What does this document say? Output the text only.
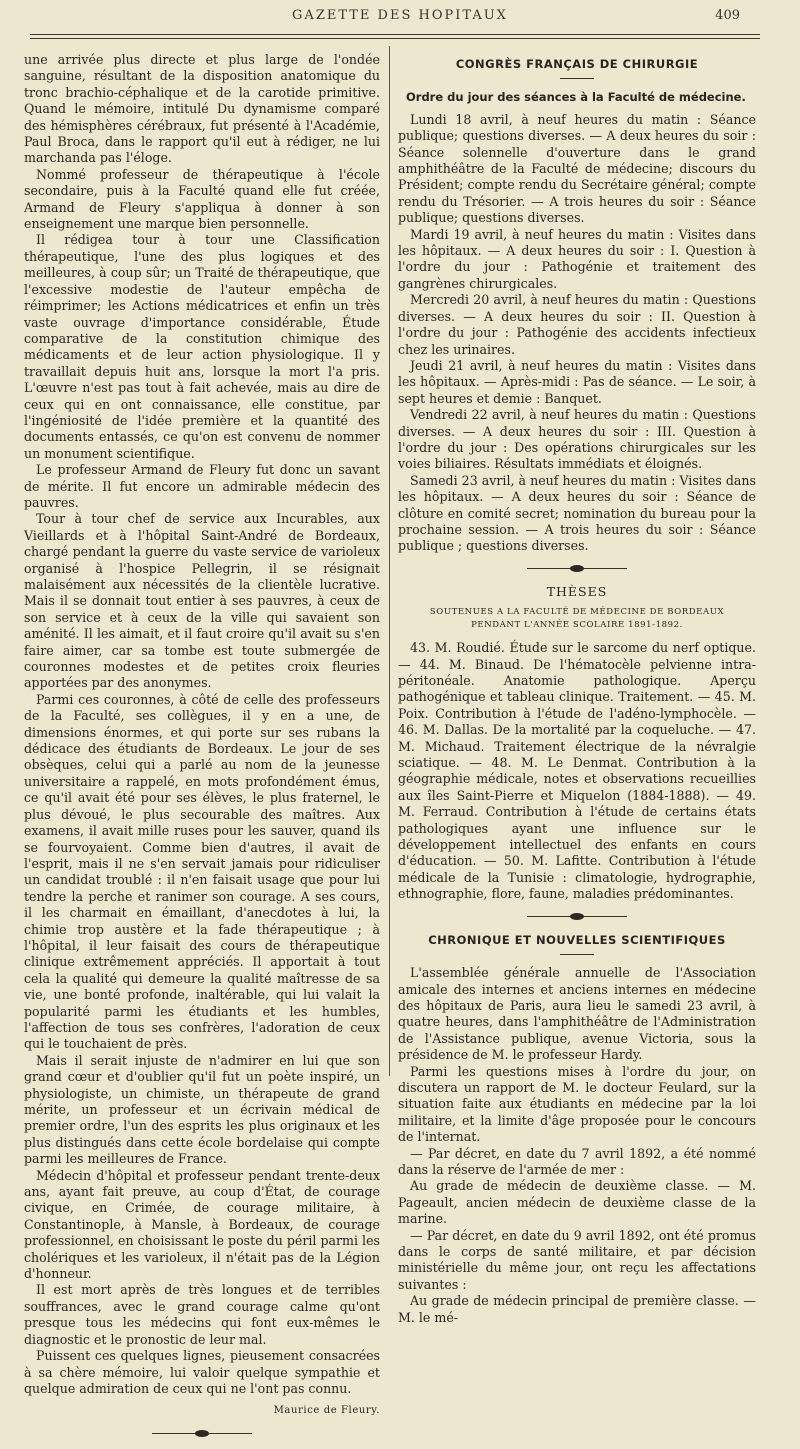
GAZETTE DES HOPITAUX	409

une arrivée plus directe et plus large de l'ondée sanguine, résultant de la disposition anatomique du tronc brachio-céphalique et de la carotide primitive. Quand le mémoire, intitulé Du dynamisme comparé des hémisphères cérébraux, fut présenté à l'Académie, Paul Broca, dans le rapport qu'il eut à rédiger, ne lui marchanda pas l'éloge.

Nommé professeur de thérapeutique à l'école secondaire, puis à la Faculté quand elle fut créée, Armand de Fleury s'appliqua à donner à son enseignement une marque bien personnelle.

Il rédigea tour à tour une Classification thérapeutique, l'une des plus logiques et des meilleures, à coup sûr; un Traité de thérapeutique, que l'excessive modestie de l'auteur empêcha de réimprimer; les Actions médicatrices et enfin un très vaste ouvrage d'importance considérable, Étude comparative de la constitution chimique des médicaments et de leur action physiologique. Il y travaillait depuis huit ans, lorsque la mort l'a pris. L'œuvre n'est pas tout à fait achevée, mais au dire de ceux qui en ont connaissance, elle constitue, par l'ingéniosité de l'idée première et la quantité des documents entassés, ce qu'on est convenu de nommer un monument scientifique.

Le professeur Armand de Fleury fut donc un savant de mérite. Il fut encore un admirable médecin des pauvres.

Tour à tour chef de service aux Incurables, aux Vieillards et à l'hôpital Saint-André de Bordeaux, chargé pendant la guerre du vaste service de varioleux organisé à l'hospice Pellegrin, il se résignait malaisément aux nécessités de la clientèle lucrative. Mais il se donnait tout entier à ses pauvres, à ceux de son service et à ceux de la ville qui savaient son aménité. Il les aimait, et il faut croire qu'il avait su s'en faire aimer, car sa tombe est toute submergée de couronnes modestes et de petites croix fleuries apportées par des anonymes.

Parmi ces couronnes, à côté de celle des professeurs de la Faculté, ses collègues, il y en a une, de dimensions énormes, et qui porte sur ses rubans la dédicace des étudiants de Bordeaux. Le jour de ses obsèques, celui qui a parlé au nom de la jeunesse universitaire a rappelé, en mots profondément émus, ce qu'il avait été pour ses élèves, le plus fraternel, le plus dévoué, le plus secourable des maîtres. Aux examens, il avait mille ruses pour les sauver, quand ils se fourvoyaient. Comme bien d'autres, il avait de l'esprit, mais il ne s'en servait jamais pour ridiculiser un candidat troublé : il n'en faisait usage que pour lui tendre la perche et ranimer son courage. A ses cours, il les charmait en émaillant, d'anecdotes à lui, la chimie trop austère et la fade thérapeutique ; à l'hôpital, il leur faisait des cours de thérapeutique clinique extrêmement appréciés. Il apportait à tout cela la qualité qui demeure la qualité maîtresse de sa vie, une bonté profonde, inaltérable, qui lui valait la popularité parmi les étudiants et les humbles, l'affection de tous ses confrères, l'adoration de ceux qui le touchaient de près.

Mais il serait injuste de n'admirer en lui que son grand cœur et d'oublier qu'il fut un poète inspiré, un physiologiste, un chimiste, un thérapeute de grand mérite, un professeur et un écrivain médical de premier ordre, l'un des esprits les plus originaux et les plus distingués dans cette école bordelaise qui compte parmi les meilleures de France.

Médecin d'hôpital et professeur pendant trente-deux ans, ayant fait preuve, au coup d'État, de courage civique, en Crimée, de courage militaire, à Constantinople, à Mansle, à Bordeaux, de courage professionnel, en choisissant le poste du péril parmi les cholériques et les varioleux, il n'était pas de la Légion d'honneur.

Il est mort après de très longues et de terribles souffrances, avec le grand courage calme qu'ont presque tous les médecins qui font eux-mêmes le diagnostic et le pronostic de leur mal.

Puissent ces quelques lignes, pieusement consacrées à sa chère mémoire, lui valoir quelque sympathie et quelque admiration de ceux qui ne l'ont pas connu.

Maurice de Fleury.
CONGRÈS FRANÇAIS DE CHIRURGIE
Ordre du jour des séances à la Faculté de médecine.

Lundi 18 avril, à neuf heures du matin : Séance publique; questions diverses. — A deux heures du soir : Séance solennelle d'ouverture dans le grand amphithéâtre de la Faculté de médecine; discours du Président; compte rendu du Secrétaire général; compte rendu du Trésorier. — A trois heures du soir : Séance publique; questions diverses.

Mardi 19 avril, à neuf heures du matin : Visites dans les hôpitaux. — A deux heures du soir : I. Question à l'ordre du jour : Pathogénie et traitement des gangrènes chirurgicales.

Mercredi 20 avril, à neuf heures du matin : Questions diverses. — A deux heures du soir : II. Question à l'ordre du jour : Pathogénie des accidents infectieux chez les urinaires.

Jeudi 21 avril, à neuf heures du matin : Visites dans les hôpitaux. — Après-midi : Pas de séance. — Le soir, à sept heures et demie : Banquet.

Vendredi 22 avril, à neuf heures du matin : Questions diverses. — A deux heures du soir : III. Question à l'ordre du jour : Des opérations chirurgicales sur les voies biliaires. Résultats immédiats et éloignés.

Samedi 23 avril, à neuf heures du matin : Visites dans les hôpitaux. — A deux heures du soir : Séance de clôture en comité secret; nomination du bureau pour la prochaine session. — A trois heures du soir : Séance publique ; questions diverses.

THÈSES
SOUTENUES A LA FACULTÉ DE MÉDECINE DE BORDEAUX
PENDANT L'ANNÉE SCOLAIRE 1891-1892.

43. M. Roudié. Étude sur le sarcome du nerf optique. — 44. M. Binaud. De l'hématocèle pelvienne intra-péritonéale. Anatomie pathologique. Aperçu pathogénique et tableau clinique. Traitement. — 45. M. Poix. Contribution à l'étude de l'adéno-lymphocèle. — 46. M. Dallas. De la mortalité par la coqueluche. — 47. M. Michaud. Traitement électrique de la névralgie sciatique. — 48. M. Le Denmat. Contribution à la géographie médicale, notes et observations recueillies aux îles Saint-Pierre et Miquelon (1884-1888). — 49. M. Ferraud. Contribution à l'étude de certains états pathologiques ayant une influence sur le développement intellectuel des enfants en cours d'éducation. — 50. M. Lafitte. Contribution à l'étude médicale de la Tunisie : climatologie, hydrographie, ethnographie, flore, faune, maladies prédominantes.

CHRONIQUE ET NOUVELLES SCIENTIFIQUES

L'assemblée générale annuelle de l'Association amicale des internes et anciens internes en médecine des hôpitaux de Paris, aura lieu le samedi 23 avril, à quatre heures, dans l'amphithéâtre de l'Administration de l'Assistance publique, avenue Victoria, sous la présidence de M. le professeur Hardy.

Parmi les questions mises à l'ordre du jour, on discutera un rapport de M. le docteur Feulard, sur la situation faite aux étudiants en médecine par la loi militaire, et la limite d'âge proposée pour le concours de l'internat.

— Par décret, en date du 7 avril 1892, a été nommé dans la réserve de l'armée de mer :

Au grade de médecin de deuxième classe. — M. Pageault, ancien médecin de deuxième classe de la marine.

— Par décret, en date du 9 avril 1892, ont été promus dans le corps de santé militaire, et par décision ministérielle du même jour, ont reçu les affectations suivantes :

Au grade de médecin principal de première classe. — M. le mé-
